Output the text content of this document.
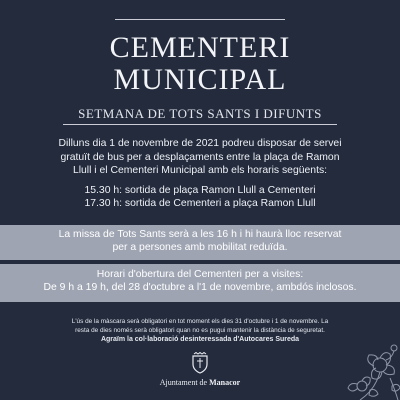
CEMENTERI
MUNICIPAL
SETMANA DE TOTS SANTS I DIFUNTS
Dilluns dia 1 de novembre de 2021 podreu disposar de servei
gratuït de bus per a desplaçaments entre la plaça de Ramon
Llull i el Cementeri Municipal amb els horaris següents:
15.30 h: sortida de plaça Ramon Llull a Cementeri
17.30 h: sortida de Cementeri a plaça Ramon Llull
La missa de Tots Sants serà a les 16 h i hi haurà lloc reservat
per a persones amb mobilitat reduïda.
Horari d'obertura del Cementeri per a visites:
De 9 h a 19 h, del 28 d'octubre a l'1 de novembre, ambdós inclosos.
L'ús de la màscara serà obligatori en tot moment els dies 31 d'octubre i 1 de novembre. La
resta de dies només serà obligatori quan no es pugui mantenir la distància de seguretat.
Agraïm la col·laboració desinteressada d'Autocares Sureda
Ajuntament de Manacor
